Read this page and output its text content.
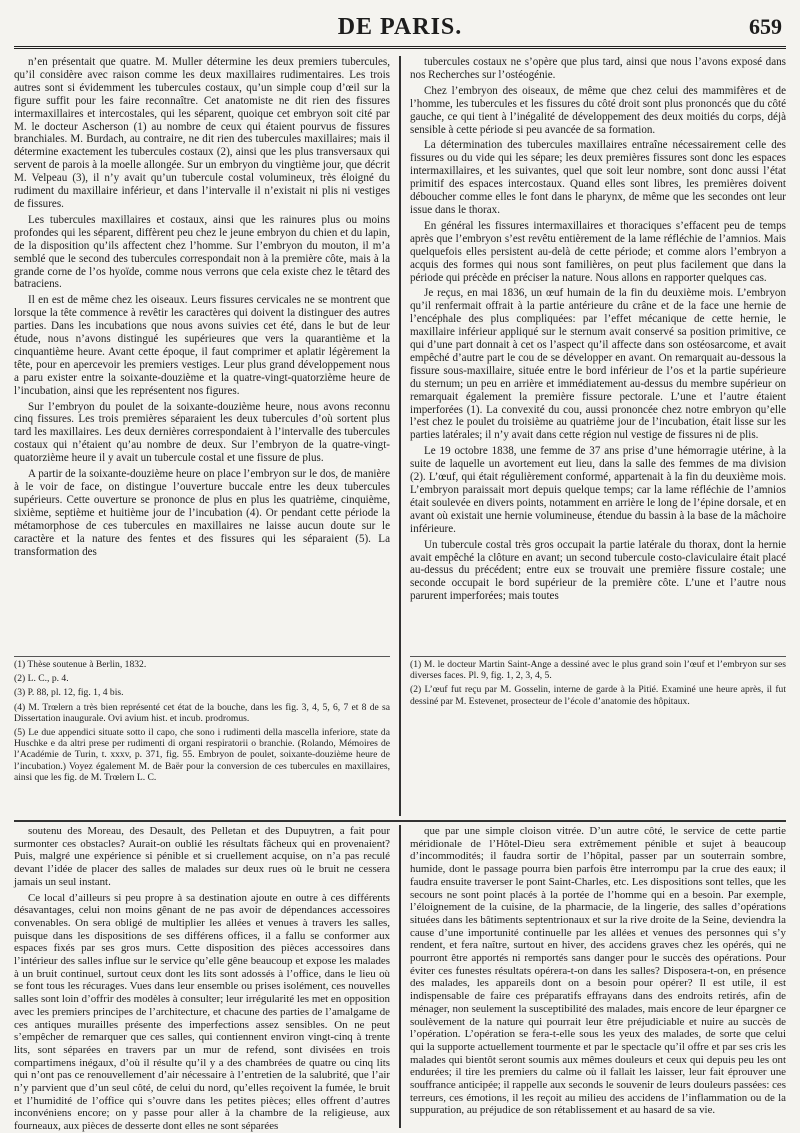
DE PARIS.	659

n’en présentait que quatre. M. Muller détermine les deux premiers tubercules, qu’il considère avec raison comme les deux maxillaires rudimentaires. Les trois autres sont si évidemment les tubercules costaux, qu’un simple coup d’œil sur la figure suffit pour les faire reconnaître. Cet anatomiste ne dit rien des fissures intermaxillaires et intercostales, qui les séparent, quoique cet embryon soit cité par M. le docteur Ascherson (1) au nombre de ceux qui étaient pourvus de fissures branchiales. M. Burdach, au contraire, ne dit rien des tubercules maxillaires; mais il détermine exactement les tubercules costaux (2), ainsi que les plus transversaux qui servent de parois à la moelle allongée. Sur un embryon du vingtième jour, que décrit M. Velpeau (3), il n’y avait qu’un tubercule costal volumineux, très éloigné du rudiment du maxillaire inférieur, et dans l’intervalle il n’existait ni plis ni vestiges de fissures.

Les tubercules maxillaires et costaux, ainsi que les rainures plus ou moins profondes qui les séparent, diffèrent peu chez le jeune embryon du chien et du lapin, de la disposition qu’ils affectent chez l’homme. Sur l’embryon du mouton, il m’a semblé que le second des tubercules correspondait non à la première côte, mais à la grande corne de l’os hyoïde, comme nous verrons que cela existe chez le têtard des batraciens.

Il en est de même chez les oiseaux. Leurs fissures cervicales ne se montrent que lorsque la tête commence à revêtir les caractères qui doivent la distinguer des autres parties. Dans les incubations que nous avons suivies cet été, dans le but de leur étude, nous n’avons distingué les supérieures que vers la quarantième et la cinquantième heure. Avant cette époque, il faut comprimer et aplatir légèrement la tête, pour en apercevoir les premiers vestiges. Leur plus grand développement nous a paru exister entre la soixante-douzième et la quatre-vingt-quatorzième heure de l’incubation, ainsi que les représentent nos figures.

Sur l’embryon du poulet de la soixante-douzième heure, nous avons reconnu cinq fissures. Les trois premières séparaient les deux tubercules d’où sortent plus tard les maxillaires. Les deux dernières correspondaient à l’intervalle des tubercules costaux qui n’étaient qu’au nombre de deux. Sur l’embryon de la quatre-vingt-quatorzième heure il y avait un tubercule costal et une fissure de plus.

A partir de la soixante-douzième heure on place l’embryon sur le dos, de manière à le voir de face, on distingue l’ouverture buccale entre les deux tubercules supérieurs. Cette ouverture se prononce de plus en plus les quatrième, cinquième, sixième, septième et huitième jour de l’incubation (4). Or pendant cette période la métamorphose de ces tubercules en maxillaires ne laisse aucun doute sur le caractère et la nature des fentes et des fissures qui les séparaient (5). La transformation des

tubercules costaux ne s’opère que plus tard, ainsi que nous l’avons exposé dans nos Recherches sur l’ostéogénie.

Chez l’embryon des oiseaux, de même que chez celui des mammifères et de l’homme, les tubercules et les fissures du côté droit sont plus prononcés que du côté gauche, ce qui tient à l’inégalité de développement des deux moitiés du corps, déjà sensible à cette période si peu avancée de sa formation.

La détermination des tubercules maxillaires entraîne nécessairement celle des fissures ou du vide qui les sépare; les deux premières fissures sont donc les espaces intermaxillaires, et les suivantes, quel que soit leur nombre, sont donc aussi l’état primitif des espaces intercostaux. Quand elles sont libres, les premières doivent déboucher comme elles le font dans le pharynx, de même que les secondes ont leur issue dans le thorax.

En général les fissures intermaxillaires et thoraciques s’effacent peu de temps après que l’embryon s’est revêtu entièrement de la lame réfléchie de l’amnios. Mais quelquefois elles persistent au-delà de cette période; et comme alors l’embryon a acquis des formes qui nous sont familières, on peut plus facilement que dans la période qui précède en préciser la nature. Nous allons en rapporter quelques cas.

Je reçus, en mai 1836, un œuf humain de la fin du deuxième mois. L’embryon qu’il renfermait offrait à la partie antérieure du crâne et de la face une hernie de l’encéphale des plus compliquées: par l’effet mécanique de cette hernie, le maxillaire inférieur appliqué sur le sternum avait conservé sa position primitive, ce qui d’une part donnait à cet os l’aspect qu’il affecte dans son ostéosarcome, et avait empêché d’autre part le cou de se développer en avant. On remarquait au-dessous la fissure sous-maxillaire, située entre le bord inférieur de l’os et la partie supérieure du sternum; un peu en arrière et immédiatement au-dessus du membre supérieur on remarquait également la première fissure pectorale. L’une et l’autre étaient imperforées (1). La convexité du cou, aussi prononcée chez notre embryon qu’elle l’est chez le poulet du troisième au quatrième jour de l’incubation, était lisse sur les parties latérales; il n’y avait dans cette région nul vestige de fissures ni de plis.

Le 19 octobre 1838, une femme de 37 ans prise d’une hémorragie utérine, à la suite de laquelle un avortement eut lieu, dans la salle des femmes de ma division (2). L’œuf, qui était régulièrement conformé, appartenait à la fin du deuxième mois. L’embryon paraissait mort depuis quelque temps; car la lame réfléchie de l’amnios était soulevée en divers points, notamment en arrière le long de l’épine dorsale, et en avant où existait une hernie volumineuse, étendue du bassin à la base de la mâchoire inférieure.

Un tubercule costal très gros occupait la partie latérale du thorax, dont la hernie avait empêché la clôture en avant; un second tubercule costo-claviculaire était placé au-dessus du précédent; entre eux se trouvait une première fissure costale; une seconde occupait le bord supérieur de la première côte. L’une et l’autre nous parurent imperforées; mais toutes

(1) Thèse soutenue à Berlin, 1832.

(2) L. C., p. 4.

(3) P. 88, pl. 12, fig. 1, 4 bis.

(4) M. Trœlern a très bien représenté cet état de la bouche, dans les fig. 3, 4, 5, 6, 7 et 8 de sa Dissertation inaugurale. Ovi avium hist. et incub. prodromus.

(5) Le due appendici situate sotto il capo, che sono i rudimenti della mascella inferiore, state da Huschke e da altri prese per rudimenti di organi respiratorii o branchie. (Rolando, Mémoires de l’Académie de Turin, t. xxxv, p. 371, fig. 55. Embryon de poulet, soixante-douzième heure de l’incubation.) Voyez également M. de Baër pour la conversion de ces tubercules en maxillaires, ainsi que les fig. de M. Trœlern L. C.

(1) M. le docteur Martin Saint-Ange a dessiné avec le plus grand soin l’œuf et l’embryon sur ses diverses faces. Pl. 9, fig. 1, 2, 3, 4, 5.

(2) L’œuf fut reçu par M. Gosselin, interne de garde à la Pitié. Examiné une heure après, il fut dessiné par M. Estevenet, prosecteur de l’école d’anatomie des hôpitaux.

soutenu des Moreau, des Desault, des Pelletan et des Dupuytren, a fait pour surmonter ces obstacles? Aurait-on oublié les résultats fâcheux qui en provenaient? Puis, malgré une expérience si pénible et si cruellement acquise, on n’a pas reculé devant l’idée de placer des salles de malades sur deux rues où le bruit ne cessera jamais un seul instant.

Ce local d’ailleurs si peu propre à sa destination ajoute en outre à ces différents désavantages, celui non moins gênant de ne pas avoir de dépendances accessoires convenables. On sera obligé de multiplier les allées et venues à travers les salles, puisque dans les dispositions de ses différens offices, il a fallu se conformer aux espaces fixés par ses gros murs. Cette disposition des pièces accessoires dans l’intérieur des salles influe sur le service qu’elle gêne beaucoup et expose les malades à un bruit continuel, surtout ceux dont les lits sont adossés à l’office, dans le lieu où se font tous les récurages. Vues dans leur ensemble ou prises isolément, ces nouvelles salles sont loin d’offrir des modèles à consulter; leur irrégularité les met en opposition avec les premiers principes de l’architecture, et chacune des parties de l’amalgame de ces antiques murailles présente des imperfections assez sensibles. On ne peut s’empêcher de remarquer que ces salles, qui contiennent environ vingt-cinq à trente lits, sont séparées en travers par un mur de refend, sont divisées en trois compartimens inégaux, d’où il résulte qu’il y a des chambrées de quatre ou cinq lits qui n’ont pas ce renouvellement d’air nécessaire à l’entretien de la salubrité, que l’air n’y parvient que d’un seul côté, de celui du nord, qu’elles reçoivent la fumée, le bruit et l’humidité de l’office qui s’ouvre dans les petites pièces; elles offrent d’autres inconvéniens encore; on y passe pour aller à la chambre de la religieuse, aux fourneaux, aux pièces de desserte dont elles ne sont séparées

que par une simple cloison vitrée. D’un autre côté, le service de cette partie méridionale de l’Hôtel-Dieu sera extrêmement pénible et sujet à beaucoup d’incommodités; il faudra sortir de l’hôpital, passer par un souterrain sombre, humide, dont le passage pourra bien parfois être interrompu par la crue des eaux; il faudra ensuite traverser le pont Saint-Charles, etc. Les dispositions sont telles, que les secours ne sont point placés à la portée de l’homme qui en a besoin. Par exemple, l’éloignement de la cuisine, de la pharmacie, de la lingerie, des salles d’opérations situées dans les bâtiments septentrionaux et sur la rive droite de la Seine, deviendra la cause d’une importunité continuelle par les allées et venues des personnes qui s’y rendent, et fera naître, surtout en hiver, des accidens graves chez les opérés, qui ne pourront être apportés ni remportés sans danger pour le succès des opérations. Pour éviter ces funestes résultats opérera-t-on dans les salles? Disposera-t-on, en présence des malades, les appareils dont on a besoin pour opérer? Il est utile, il est indispensable de faire ces préparatifs effrayans dans des endroits retirés, afin de ménager, non seulement la susceptibilité des malades, mais encore de leur épargner ce soulèvement de la nature qui pourrait leur être préjudiciable et nuire au succès de l’opération. L’opération se fera-t-elle sous les yeux des malades, de sorte que celui qui la supporte actuellement tourmente et par le spectacle qu’il offre et par ses cris les malades qui bientôt seront soumis aux mêmes douleurs et ceux qui depuis peu les ont endurées; il tire les premiers du calme où il fallait les laisser, leur fait éprouver une souffrance anticipée; il rappelle aux seconds le souvenir de leurs douleurs passées: ces terreurs, ces émotions, il les reçoit au milieu des accidens de l’inflammation ou de la suppuration, au préjudice de son rétablissement et au hasard de sa vie.
